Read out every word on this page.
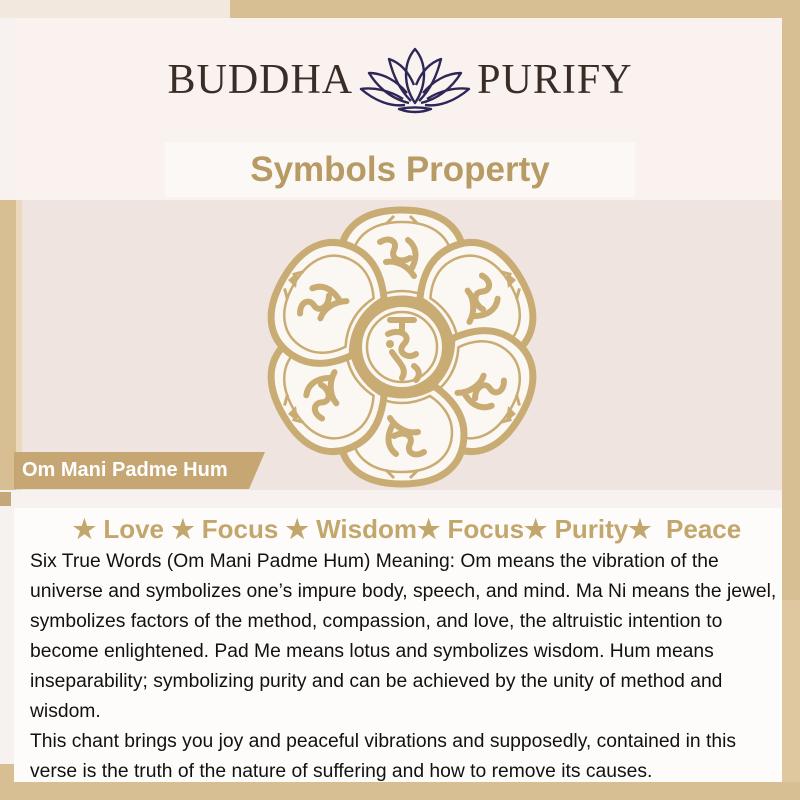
BUDDHA	PURIFY
Symbols Property
Om Mani Padme Hum
★ Love ★ Focus ★ Wisdom★ Focus★ Purity★  Peace
Six True Words (Om Mani Padme Hum) Meaning: Om means the vibration of the
universe and symbolizes one’s impure body, speech, and mind. Ma Ni means the jewel,
symbolizes factors of the method, compassion, and love, the altruistic intention to
become enlightened. Pad Me means lotus and symbolizes wisdom. Hum means
inseparability; symbolizing purity and can be achieved by the unity of method and
wisdom.
This chant brings you joy and peaceful vibrations and supposedly, contained in this
verse is the truth of the nature of suffering and how to remove its causes.
